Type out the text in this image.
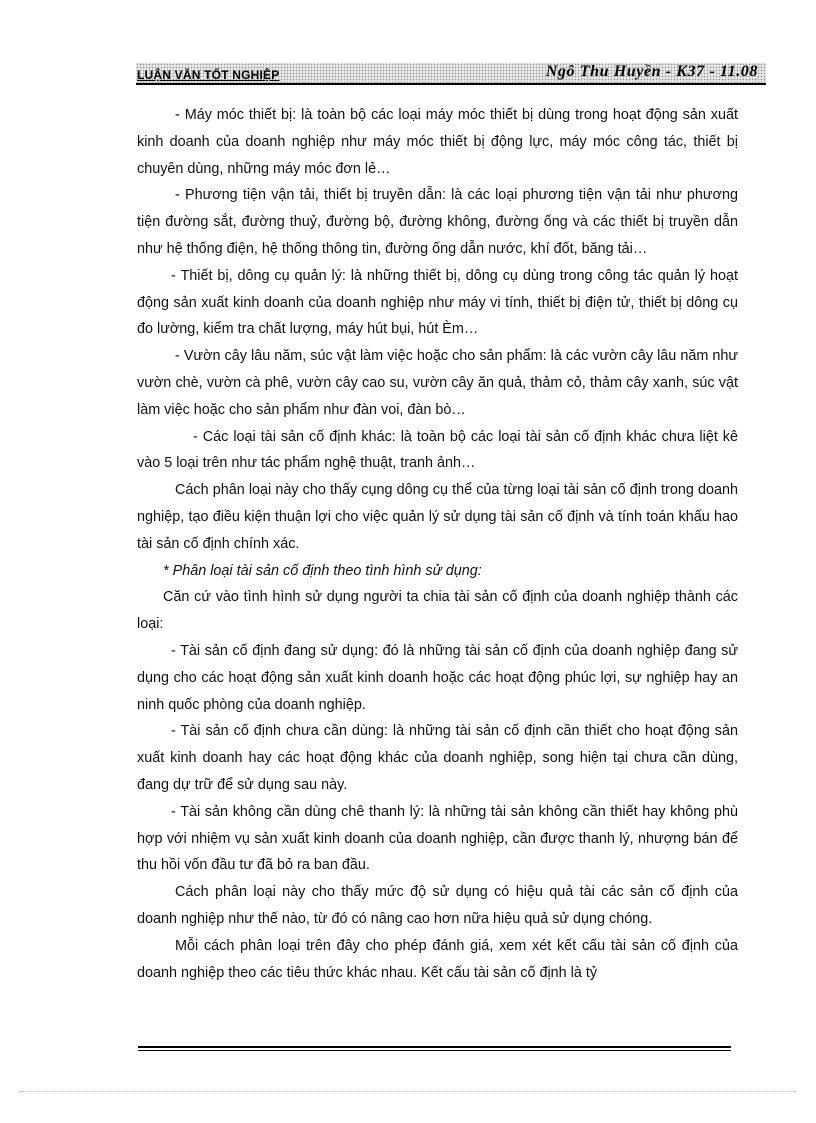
LUẬN VĂN TỐT NGHIỆP	Ngô Thu Huyền - K37 - 11.08

- Máy móc thiết bị: là toàn bộ các loại máy móc thiết bị dùng trong hoạt động sản xuất kinh doanh của doanh nghiệp như máy móc thiết bị động lực, máy móc công tác, thiết bị chuyên dùng, những máy móc đơn lẻ…

- Phương tiện vận tải, thiết bị truyền dẫn: là các loại phương tiện vận tải như phương tiện đường sắt, đường thuỷ, đường bộ, đường không, đường ống và các thiết bị truyền dẫn như hệ thống điện, hệ thống thông tin, đường ống dẫn nước, khí đốt, băng tải…

- Thiết bị, dông cụ quản lý: là những thiết bị, dông cụ dùng trong công tác quản lý hoạt động sản xuất kinh doanh của doanh nghiệp như máy vi tính, thiết bị điện tử, thiết bị dông cụ đo lường, kiểm tra chất lượng, máy hút bụi, hút Èm…

- Vườn cây lâu năm, súc vật làm việc hoặc cho sản phẩm: là các vườn cây lâu năm như vườn chè, vườn cà phê, vườn cây cao su, vườn cây ăn quả, thảm cỏ, thảm cây xanh, súc vật làm việc hoặc cho sản phẩm như đàn voi, đàn bò…

- Các loại tài sản cố định khác: là toàn bộ các loại tài sản cố định khác chưa liệt kê vào 5 loại trên như tác phẩm nghệ thuật, tranh ảnh…

Cách phân loại này cho thấy cụng dông cụ thể của từng loại tài sản cố định trong doanh nghiệp, tạo điều kiện thuận lợi cho việc quản lý sử dụng tài sản cố định và tính toán khấu hao tài sản cố định chính xác.

* Phân loại tài sản cố định theo tình hình sử dụng:

Căn cứ vào tình hình sử dụng người ta chia tài sản cố định của doanh nghiệp thành các loại:

- Tài sản cố định đang sử dụng: đó là những tài sản cố định của doanh nghiệp đang sử dụng cho các hoạt động sản xuất kinh doanh hoặc các hoạt động phúc lợi, sự nghiệp hay an ninh quốc phòng của doanh nghiệp.

- Tài sản cố định chưa cần dùng: là những tài sản cố định cần thiết cho hoạt động sản xuất kinh doanh hay các hoạt động khác của doanh nghiệp, song hiện tại chưa cần dùng, đang dự trữ để sử dụng sau này.

- Tài sản không cần dùng chê thanh lý: là những tài sản không cần thiết hay không phù hợp với nhiệm vụ sản xuất kinh doanh của doanh nghiệp, cần được thanh lý, nhượng bán để thu hồi vốn đầu tư đã bỏ ra ban đầu.

Cách phân loại này cho thấy mức độ sử dụng có hiệu quả tài các sản cố định của doanh nghiệp như thế nào, từ đó có nâng cao hơn nữa hiệu quả sử dụng chóng.

Mỗi cách phân loại trên đây cho phép đánh giá, xem xét kết cấu tài sản cố định của doanh nghiệp theo các tiêu thức khác nhau. Kết cấu tài sản cố định là tỷ
